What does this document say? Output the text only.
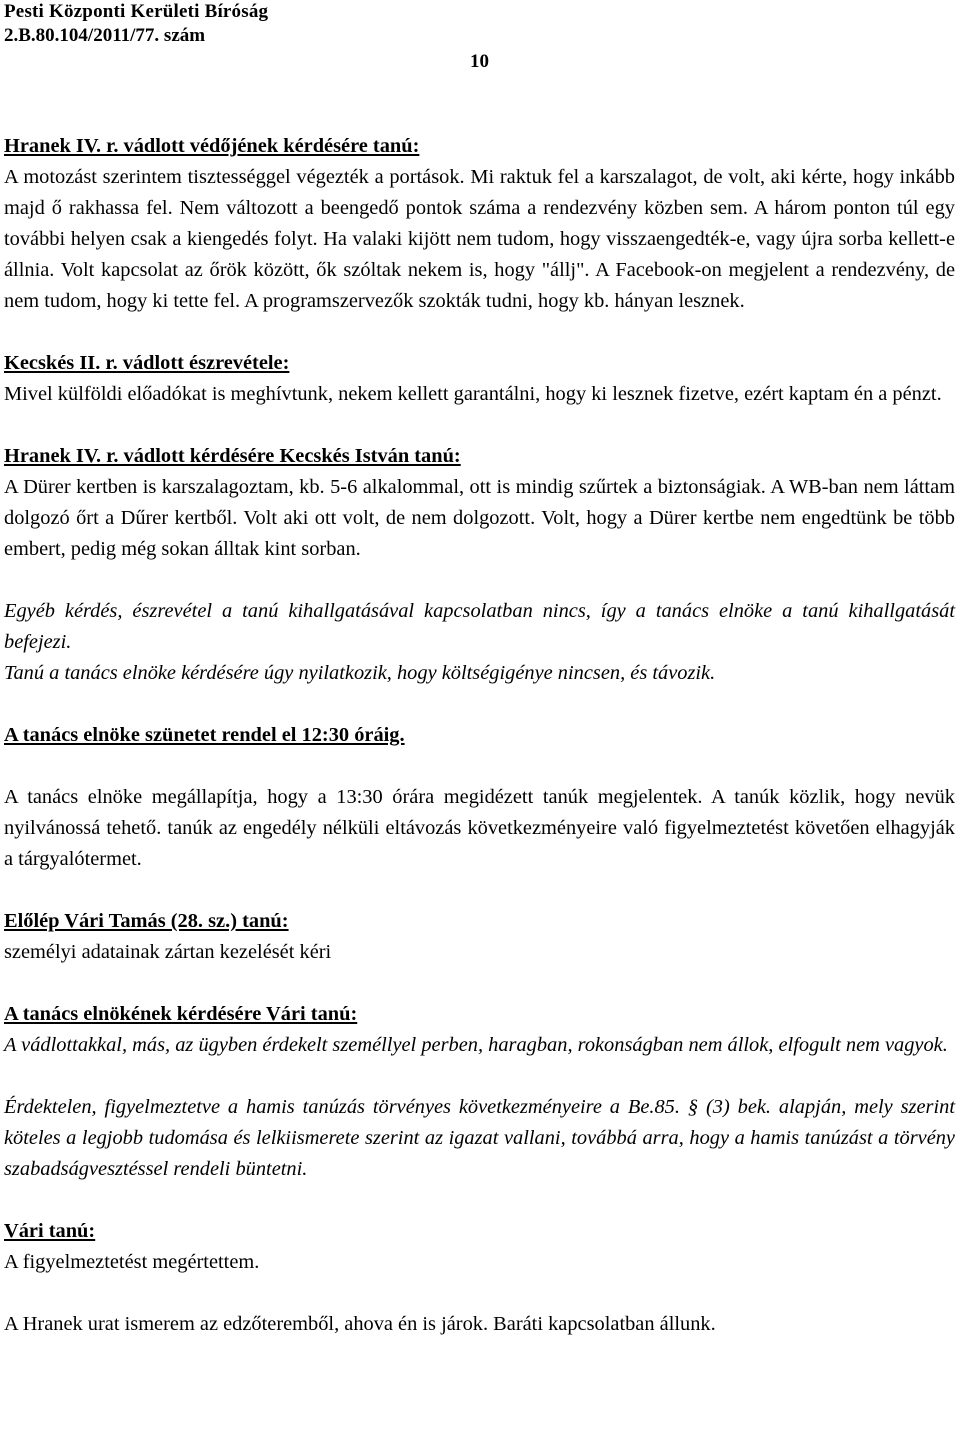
Pesti Központi Kerületi Bíróság
2.B.80.104/2011/77. szám
10
Hranek IV. r. vádlott védőjének kérdésére tanú:
A motozást szerintem tisztességgel végezték a portások. Mi raktuk fel a karszalagot, de volt, aki kérte, hogy inkább majd ő rakhassa fel. Nem változott a beengedő pontok száma a rendezvény közben sem. A három ponton túl egy további helyen csak a kiengedés folyt. Ha valaki kijött nem tudom, hogy visszaengedték-e, vagy újra sorba kellett-e állnia. Volt kapcsolat az őrök között, ők szóltak nekem is, hogy "állj". A Facebook-on megjelent a rendezvény, de nem tudom, hogy ki tette fel. A programszervezők szokták tudni, hogy kb. hányan lesznek.
Kecskés II. r. vádlott észrevétele:
Mivel külföldi előadókat is meghívtunk, nekem kellett garantálni, hogy ki lesznek fizetve, ezért kaptam én a pénzt.
Hranek IV. r. vádlott kérdésére Kecskés István tanú:
A Dürer kertben is karszalagoztam, kb. 5-6 alkalommal, ott is mindig szűrtek a biztonságiak. A WB-ban nem láttam dolgozó őrt a Dűrer kertből. Volt aki ott volt, de nem dolgozott. Volt, hogy a Dürer kertbe nem engedtünk be több embert, pedig még sokan álltak kint sorban.
Egyéb kérdés, észrevétel a tanú kihallgatásával kapcsolatban nincs, így a tanács elnöke a tanú kihallgatását befejezi.
Tanú a tanács elnöke kérdésére úgy nyilatkozik, hogy költségigénye nincsen, és távozik.
A tanács elnöke szünetet rendel el 12:30 óráig.
A tanács elnöke megállapítja, hogy a 13:30 órára megidézett tanúk megjelentek. A tanúk közlik, hogy nevük nyilvánossá tehető. tanúk az engedély nélküli eltávozás következményeire való figyelmeztetést követően elhagyják a tárgyalótermet.
Előlép Vári Tamás (28. sz.) tanú:
személyi adatainak zártan kezelését kéri
A tanács elnökének kérdésére Vári tanú:
A vádlottakkal, más, az ügyben érdekelt személlyel perben, haragban, rokonságban nem állok, elfogult nem vagyok.
Érdektelen, figyelmeztetve a hamis tanúzás törvényes következményeire a Be.85. § (3) bek. alapján, mely szerint köteles a legjobb tudomása és lelkiismerete szerint az igazat vallani, továbbá arra, hogy a hamis tanúzást a törvény szabadságvesztéssel rendeli büntetni.
Vári tanú:
A figyelmeztetést megértettem.
A Hranek urat ismerem az edzőteremből, ahova én is járok. Baráti kapcsolatban állunk.
